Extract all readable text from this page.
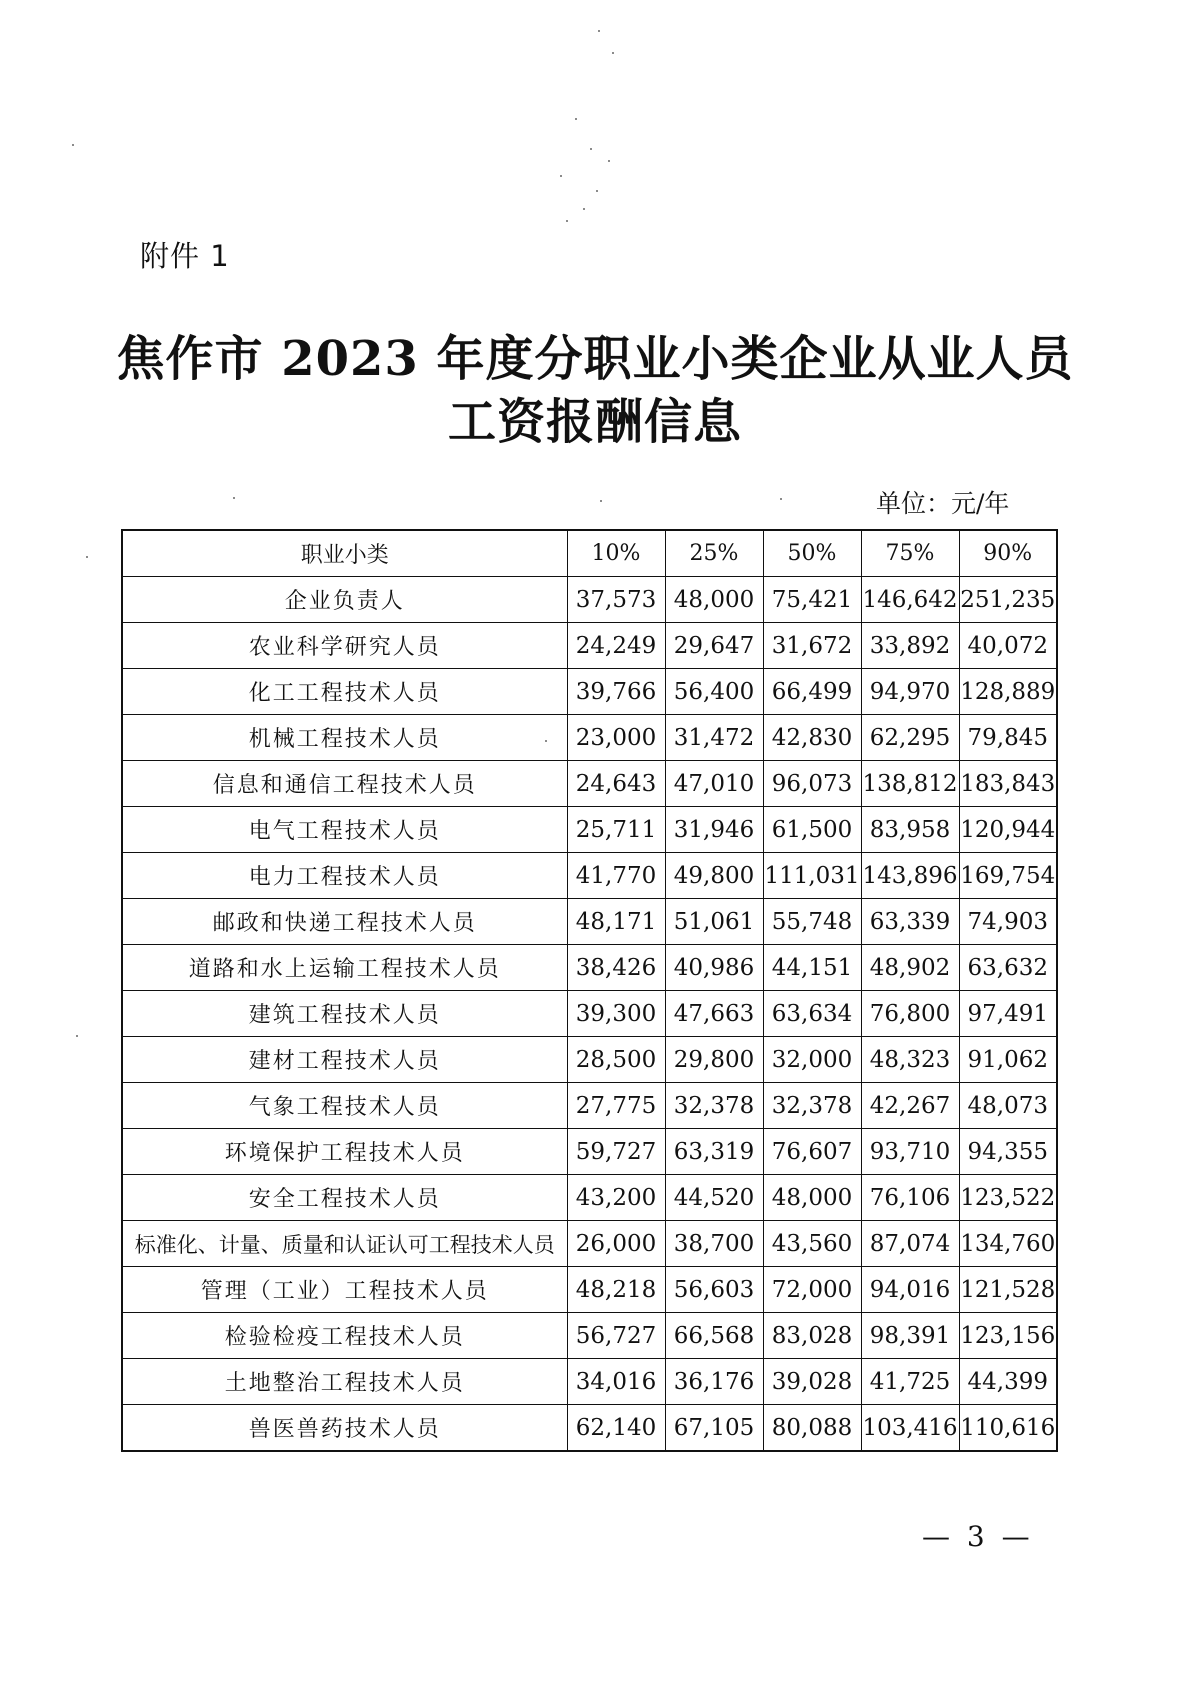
附件 1
焦作市 2023 年度分职业小类企业从业人员
工资报酬信息
单位：元/年
职业小类	10%	25%	50%	75%	90%
企业负责人	37,573	48,000	75,421	146,642	251,235
农业科学研究人员	24,249	29,647	31,672	33,892	40,072
化工工程技术人员	39,766	56,400	66,499	94,970	128,889
机械工程技术人员	23,000	31,472	42,830	62,295	79,845
信息和通信工程技术人员	24,643	47,010	96,073	138,812	183,843
电气工程技术人员	25,711	31,946	61,500	83,958	120,944
电力工程技术人员	41,770	49,800	111,031	143,896	169,754
邮政和快递工程技术人员	48,171	51,061	55,748	63,339	74,903
道路和水上运输工程技术人员	38,426	40,986	44,151	48,902	63,632
建筑工程技术人员	39,300	47,663	63,634	76,800	97,491
建材工程技术人员	28,500	29,800	32,000	48,323	91,062
气象工程技术人员	27,775	32,378	32,378	42,267	48,073
环境保护工程技术人员	59,727	63,319	76,607	93,710	94,355
安全工程技术人员	43,200	44,520	48,000	76,106	123,522
标准化、计量、质量和认证认可工程技术人员	26,000	38,700	43,560	87,074	134,760
管理（工业）工程技术人员	48,218	56,603	72,000	94,016	121,528
检验检疫工程技术人员	56,727	66,568	83,028	98,391	123,156
土地整治工程技术人员	34,016	36,176	39,028	41,725	44,399
兽医兽药技术人员	62,140	67,105	80,088	103,416	110,616
— 3 —
